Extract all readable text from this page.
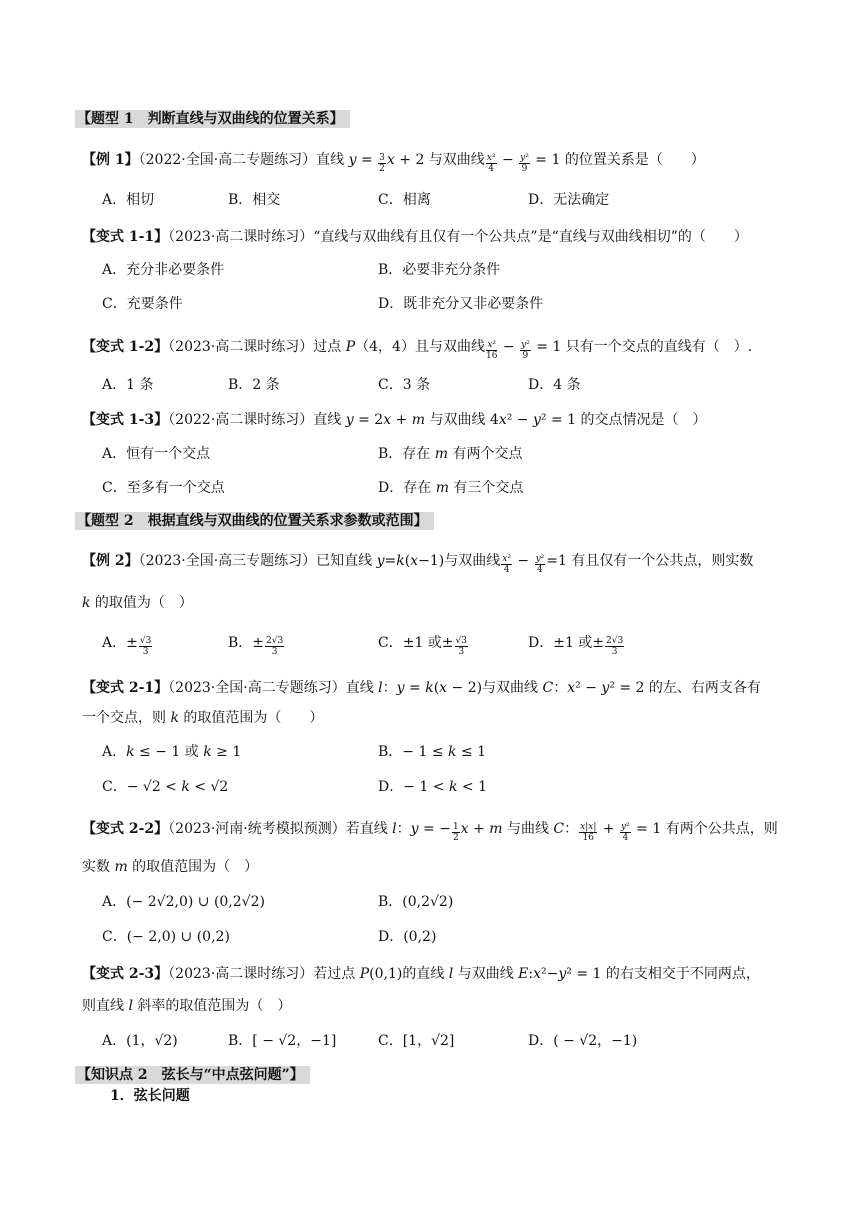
【题型 1　判断直线与双曲线的位置关系】
【例 1】（2022·全国·高二专题练习）直线 $y = \frac{3}{2}$ x + 2 与双曲线 $\frac{\text{x²}}{4} - \frac{\text{y²}}{9} = 1$ 的位置关系是（　　）
A．相切	B．相交	C．相离	D．无法确定
【变式 1-1】（2023·高二课时练习）“直线与双曲线有且仅有一个公共点”是“直线与双曲线相切”的（　　）
A．充分非必要条件	B．必要非充分条件
C．充要条件	D．既非充分又非必要条件
【变式 1-2】（2023·高二课时练习）过点 P（4，4）且与双曲线 $\frac{\text{x²}}{16} - \frac{\text{y²}}{9} = 1$ 只有一个交点的直线有（　）.
A．1 条	B．2 条	C．3 条	D．4 条
【变式 1-3】（2022·高二课时练习）直线 y = 2x + m 与双曲线 4x² − y² = 1 的交点情况是（　）
A．恒有一个交点	B．存在 m 有两个交点
C．至多有一个交点	D．存在 m 有三个交点
【题型 2　根据直线与双曲线的位置关系求参数或范围】
【例 2】（2023·全国·高三专题练习）已知直线 y=k(x−1)与双曲线 $\frac{\text{x²}}{4} - \frac{\text{y²}}{4} =1$ 有且仅有一个公共点，则实数
k 的取值为（　）
A．± $\frac{√3}{3}$	B．± $\frac{2√3}{3}$	C．±1 或± $\frac{√3}{3}$	D．±1 或± $\frac{2√3}{3}$
【变式 2-1】（2023·全国·高二专题练习）直线 l：y = k(x − 2)与双曲线 C：x² − y² = 2 的左、右两支各有
一个交点，则 k 的取值范围为（　　）
A．k ≤ − 1 或 k ≥ 1	B．− 1 ≤ k ≤ 1
C．− √2 < k < √2	D．− 1 < k < 1
【变式 2-2】（2023·河南·统考模拟预测）若直线 l：y = − $\frac{1}{2}$ x + m 与曲线 C： $\frac{x|x|}{16} + \frac{\text{y²}}{4} = 1$ 有两个公共点，则
实数 m 的取值范围为（　）
A．(− 2√2,0) ∪ (0,2√2)	B．(0,2√2)
C．(− 2,0) ∪ (0,2)	D．(0,2)
【变式 2-3】（2023·高二课时练习）若过点 P(0,1)的直线 l 与双曲线 E:x²−y² = 1 的右支相交于不同两点，
则直线 l 斜率的取值范围为（　）
A．(1，√2)	B．[ − √2，−1]	C．[1，√2]	D．( − √2，−1)
【知识点 2　弦长与“中点弦问题”】
1．弦长问题
